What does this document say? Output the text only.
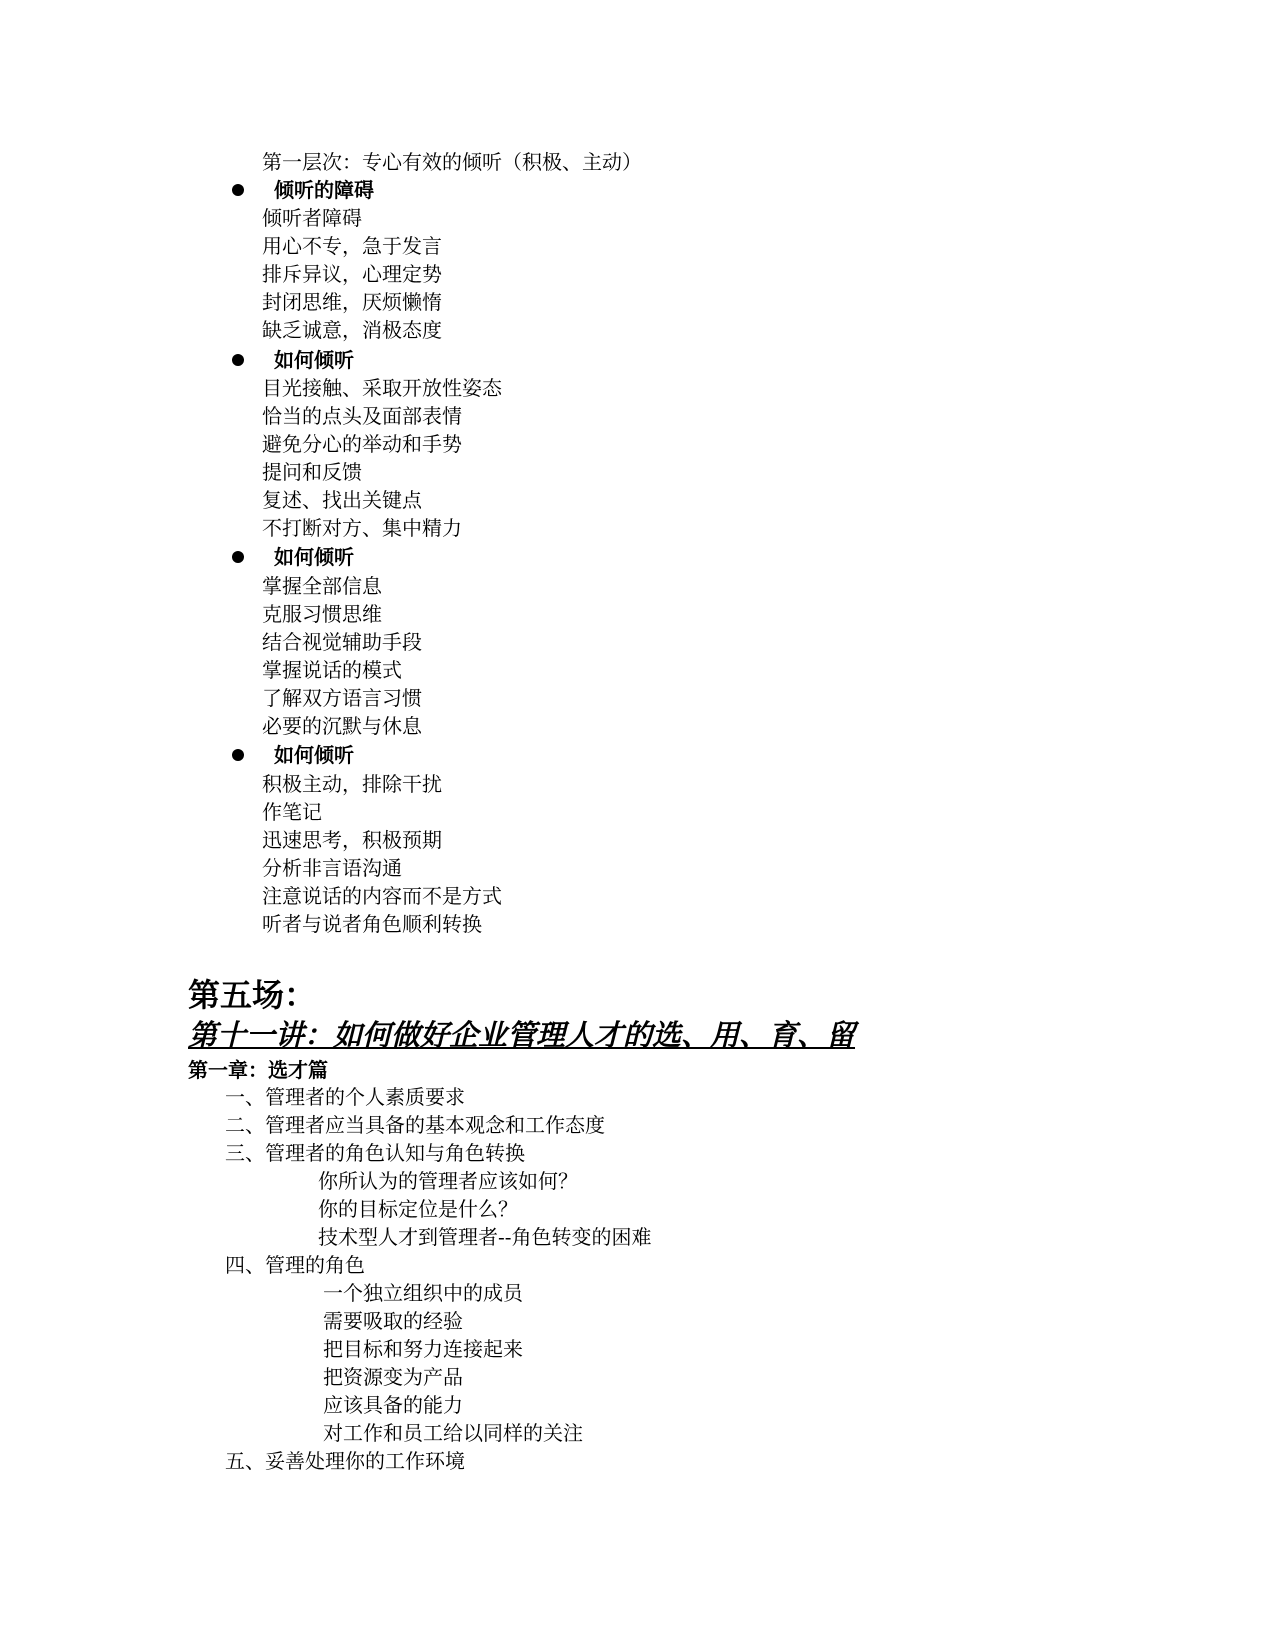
第一层次：专心有效的倾听（积极、主动）
倾听的障碍
倾听者障碍
用心不专，急于发言
排斥异议，心理定势
封闭思维，厌烦懒惰
缺乏诚意，消极态度
如何倾听
目光接触、采取开放性姿态
恰当的点头及面部表情
避免分心的举动和手势
提问和反馈
复述、找出关键点
不打断对方、集中精力
如何倾听
掌握全部信息
克服习惯思维
结合视觉辅助手段
掌握说话的模式
了解双方语言习惯
必要的沉默与休息
如何倾听
积极主动，排除干扰
作笔记
迅速思考，积极预期
分析非言语沟通
注意说话的内容而不是方式
听者与说者角色顺利转换
第五场：
第十一讲：如何做好企业管理人才的选、用、育、留
第一章：选才篇
一、管理者的个人素质要求
二、管理者应当具备的基本观念和工作态度
三、管理者的角色认知与角色转换
你所认为的管理者应该如何？
你的目标定位是什么？
技术型人才到管理者--角色转变的困难
四、管理的角色
一个独立组织中的成员
需要吸取的经验
把目标和努力连接起来
把资源变为产品
应该具备的能力
对工作和员工给以同样的关注
五、妥善处理你的工作环境
